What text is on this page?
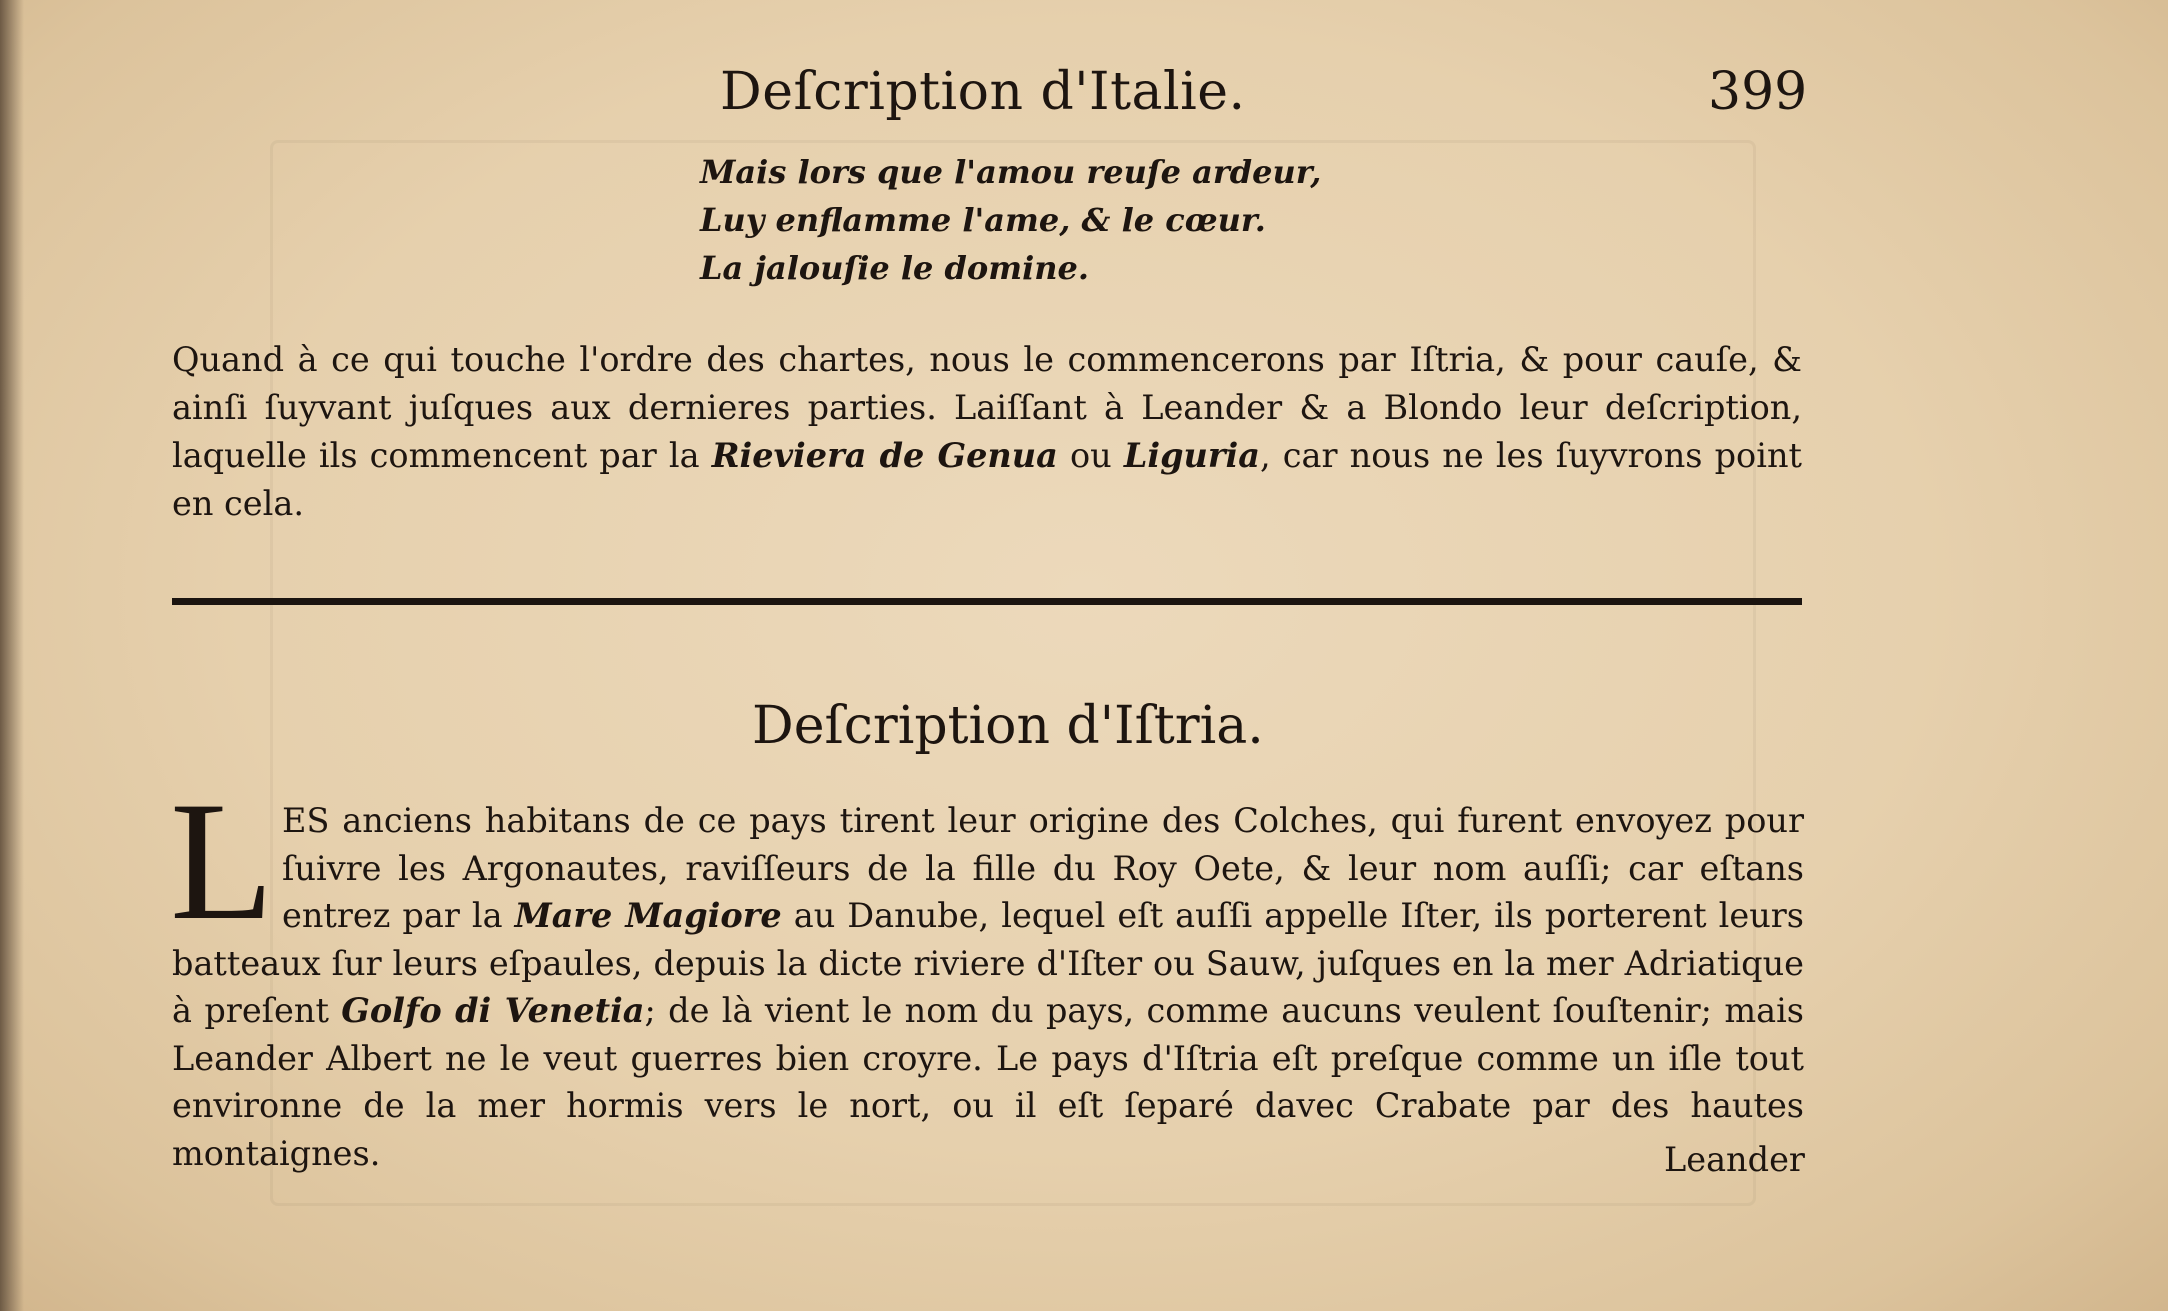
Deſcription d'Italie.	399
Mais lors que l'amou reuſe ardeur,
Luy enflamme l'ame, & le cœur.
La jalouſie le domine.
Quand à ce qui touche l'ordre des chartes, nous le commencerons par Iſtria, & pour cauſe, & ainſi ſuyvant juſques aux dernieres parties. Laiſſant à Leander & a Blondo leur deſcription, laquelle ils commencent par la Rieviera de Genua ou Liguria, car nous ne les ſuyvrons point en cela.
Deſcription d'Iſtria.
L ES anciens habitans de ce pays tirent leur origine des Colches, qui furent envoyez pour ſuivre les Argonautes, raviſſeurs de la fille du Roy Oete, & leur nom auſſi; car eſtans entrez par la Mare Magiore au Danube, lequel eſt auſſi appelle Iſter, ils porterent leurs batteaux ſur leurs eſpaules, depuis la dicte riviere d'Iſter ou Sauw, juſques en la mer Adriatique à preſent Golfo di Venetia; de là vient le nom du pays, comme aucuns veulent ſouſtenir; mais Leander Albert ne le veut guerres bien croyre. Le pays d'Iſtria eſt preſque comme un iſle tout environne de la mer hormis vers le nort, ou il eſt ſeparé davec Crabate par des hautes montaignes.	Leander
